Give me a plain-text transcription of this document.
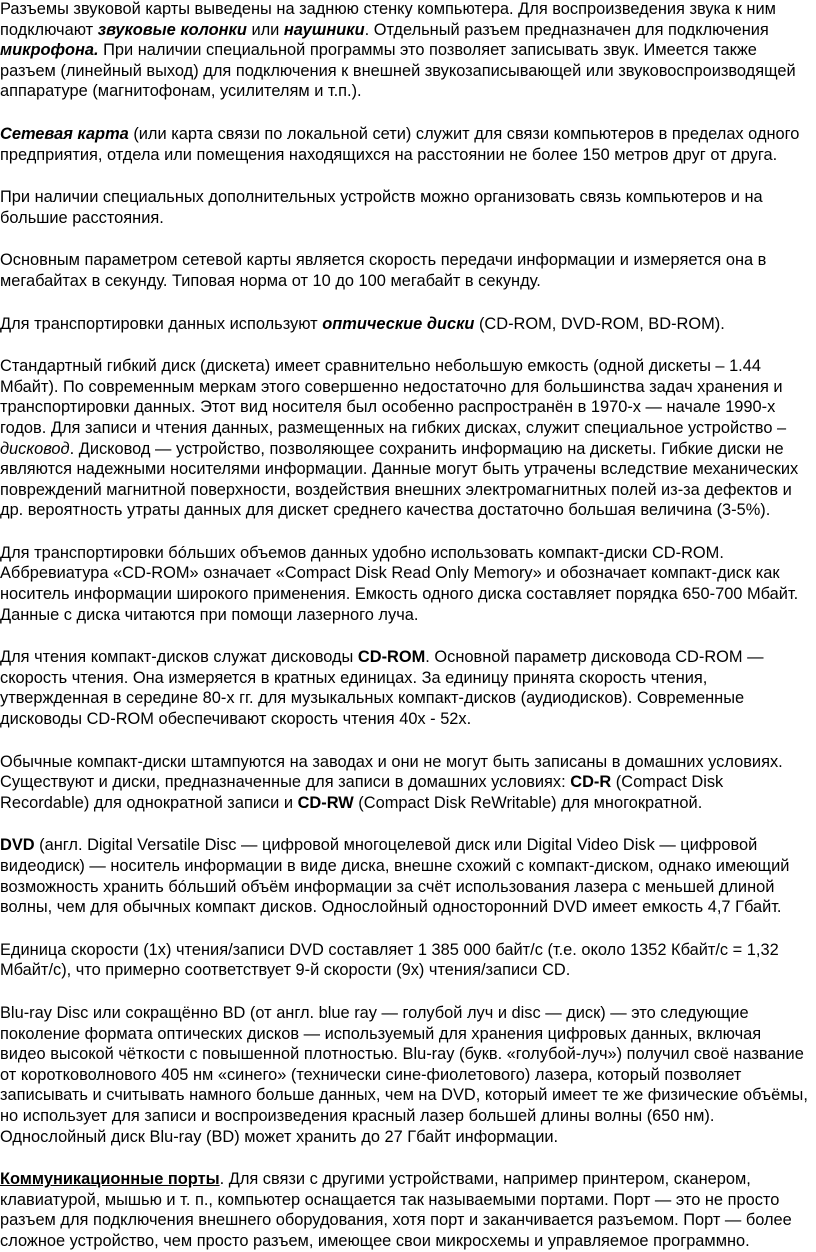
Разъемы звуковой карты выведены на заднюю стенку компьютера. Для воспроизведения звука к ним подключают звуковые колонки или наушники. Отдельный разъем предназначен для подключения микрофона. При наличии специальной программы это позволяет записывать звук. Имеется также разъем (линейный выход) для подключения к внешней звукозаписывающей или звуковоспроизводящей аппаратуре (магнитофонам, усилителям и т.п.).

Сетевая карта (или карта связи по локальной сети) служит для связи компьютеров в пределах одного предприятия, отдела или помещения находящихся на расстоянии не более 150 метров друг от друга.

При наличии специальных дополнительных устройств можно организовать связь компьютеров и на большие расстояния.

Основным параметром сетевой карты является скорость передачи информации и измеряется она в мегабайтах в секунду. Типовая норма от 10 до 100 мегабайт в секунду.

Для транспортировки данных используют оптические диски (CD-ROM, DVD-ROM, BD-ROM).

Стандартный гибкий диск (дискета) имеет сравнительно небольшую емкость (одной дискеты – 1.44 Мбайт). По современным меркам этого совершенно недостаточно для большинства задач хранения и транспортировки данных. Этот вид носителя был особенно распространён в 1970-х — начале 1990-х годов. Для записи и чтения данных, размещенных на гибких дисках, служит специальное устройство – дисковод. Дисковод — устройство, позволяющее сохранить информацию на дискеты. Гибкие диски не являются надежными носителями информации. Данные могут быть утрачены вследствие механических повреждений магнитной поверхности, воздействия внешних электромагнитных полей из-за дефектов и др. вероятность утраты данных для дискет среднего качества достаточно большая величина (3-5%).

Для транспортировки бóльших объемов данных удобно использовать компакт-диски CD-ROM. Аббревиатура «CD-ROM» означает «Compact Disk Read Only Memory» и обозначает компакт-диск как носитель информации широкого применения. Емкость одного диска составляет порядка 650-700 Мбайт. Данные с диска читаются при помощи лазерного луча.

Для чтения компакт-дисков служат дисководы CD-ROM. Основной параметр дисковода CD-ROM — скорость чтения. Она измеряется в кратных единицах. За единицу принята скорость чтения, утвержденная в середине 80-х гг. для музыкальных компакт-дисков (аудиодисков). Современные дисководы CD-ROM обеспечивают скорость чтения 40x - 52x.

Обычные компакт-диски штампуются на заводах и они не могут быть записаны в домашних условиях. Существуют и диски, предназначенные для записи в домашних условиях: CD-R (Compact Disk Recordable) для однократной записи и CD-RW (Compact Disk ReWritable) для многократной.

DVD (англ. Digital Versatile Disc — цифровой многоцелевой диск или Digital Video Disk — цифровой видеодиск) — носитель информации в виде диска, внешне схожий с компакт-диском, однако имеющий возможность хранить бóльший объём информации за счёт использования лазера с меньшей длиной волны, чем для обычных компакт дисков. Однослойный односторонний DVD имеет емкость 4,7 Гбайт.

Единица скорости (1x) чтения/записи DVD составляет 1 385 000 байт/с (т.е. около 1352 Кбайт/с = 1,32 Мбайт/с), что примерно соответствует 9-й скорости (9x) чтения/записи CD.

Blu-ray Disc или сокращённо BD (от англ. blue ray — голубой луч и disc — диск) — это следующие поколение формата оптических дисков — используемый для хранения цифровых данных, включая видео высокой чёткости с повышенной плотностью. Blu-ray (букв. «голубой-луч») получил своё название от коротковолнового 405 нм «синего» (технически сине-фиолетового) лазера, который позволяет записывать и считывать намного больше данных, чем на DVD, который имеет те же физические объёмы, но использует для записи и воспроизведения красный лазер большей длины волны (650 нм). Однослойный диск Blu-ray (BD) может хранить до 27 Гбайт информации.

Коммуникационные порты. Для связи с другими устройствами, например принтером, сканером, клавиатурой, мышью и т. п., компьютер оснащается так называемыми портами. Порт — это не просто разъем для подключения внешнего оборудования, хотя порт и заканчивается разъемом. Порт — более сложное устройство, чем просто разъем, имеющее свои микросхемы и управляемое программно.
